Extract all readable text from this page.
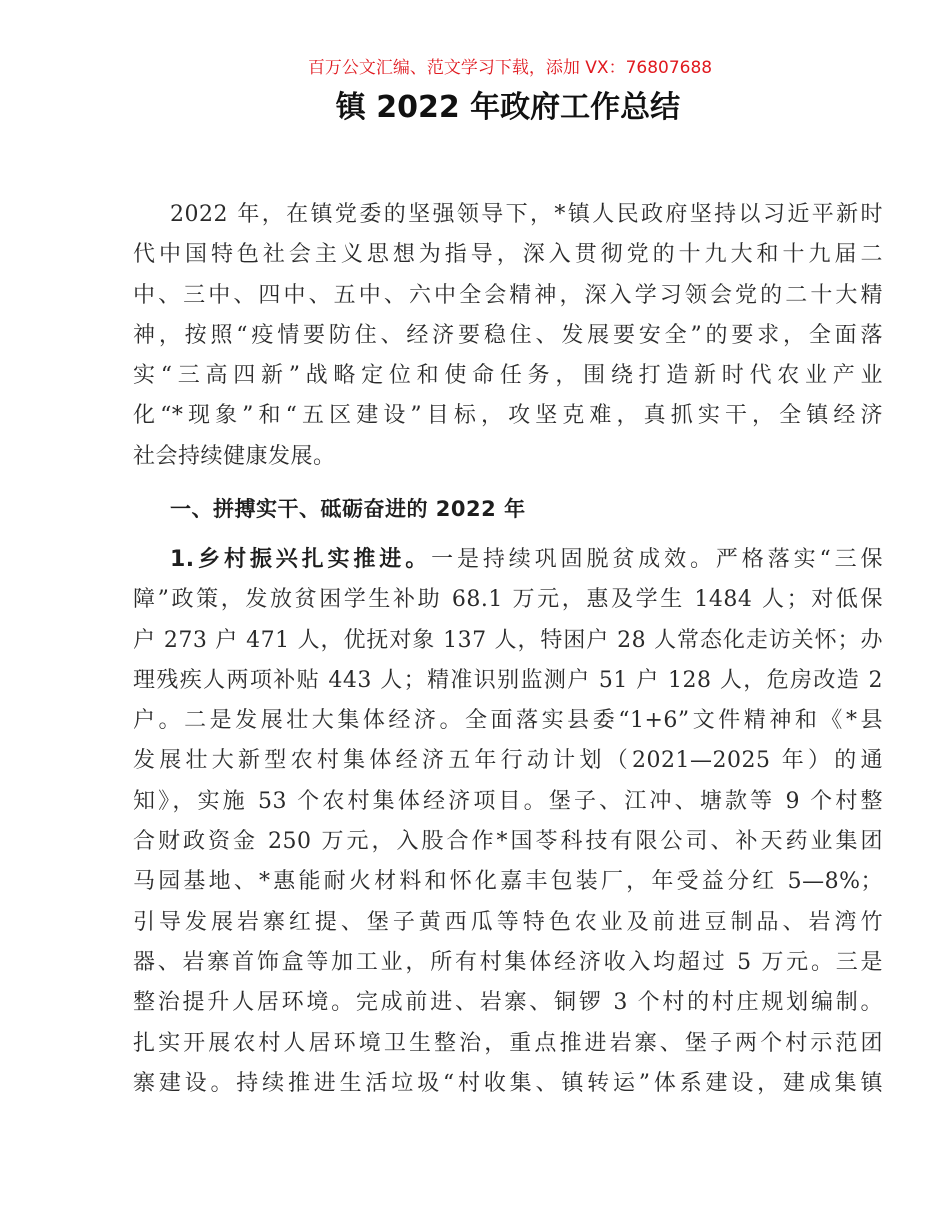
百万公文汇编、范文学习下载，添加 VX：76807688
镇 2022 年政府工作总结
2022 年，在镇党委的坚强领导下，*镇人民政府坚持以习近平新时
代中国特色社会主义思想为指导，深入贯彻党的十九大和十九届二
中、三中、四中、五中、六中全会精神，深入学习领会党的二十大精
神，按照“疫情要防住、经济要稳住、发展要安全”的要求，全面落
实“三高四新”战略定位和使命任务，围绕打造新时代农业产业
化“*现象”和“五区建设”目标，攻坚克难，真抓实干，全镇经济
社会持续健康发展。
一、拼搏实干、砥砺奋进的 2022 年
1.乡村振兴扎实推进。一是持续巩固脱贫成效。严格落实“三保
障”政策，发放贫困学生补助 68.1 万元，惠及学生 1484 人；对低保
户 273 户 471 人，优抚对象 137 人，特困户 28 人常态化走访关怀；办
理残疾人两项补贴 443 人；精准识别监测户 51 户 128 人，危房改造 2
户。二是发展壮大集体经济。全面落实县委“1+6”文件精神和《*县
发展壮大新型农村集体经济五年行动计划（2021—2025 年）的通
知》，实施 53 个农村集体经济项目。堡子、江冲、塘款等 9 个村整
合财政资金 250 万元，入股合作*国苓科技有限公司、补天药业集团
马园基地、*惠能耐火材料和怀化嘉丰包装厂，年受益分红 5—8%；
引导发展岩寨红提、堡子黄西瓜等特色农业及前进豆制品、岩湾竹
器、岩寨首饰盒等加工业，所有村集体经济收入均超过 5 万元。三是
整治提升人居环境。完成前进、岩寨、铜锣 3 个村的村庄规划编制。
扎实开展农村人居环境卫生整治，重点推进岩寨、堡子两个村示范团
寨建设。持续推进生活垃圾“村收集、镇转运”体系建设，建成集镇
